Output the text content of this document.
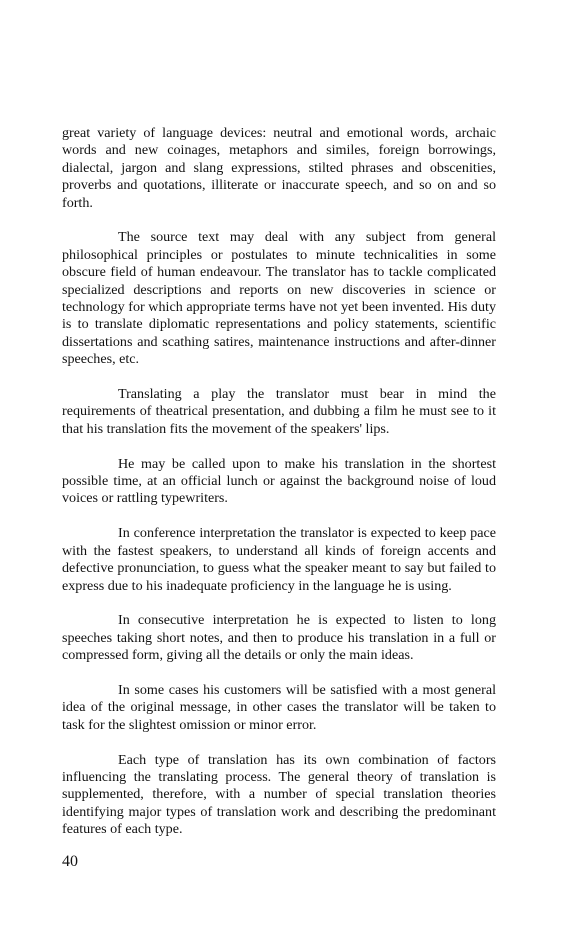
great variety of language devices: neutral and emotional words, archaic words and new coinages, metaphors and similes, foreign borrowings, dialectal, jargon and slang expressions, stilted phrases and obscenities, proverbs and quotations, illiterate or inaccurate speech, and so on and so forth.

The source text may deal with any subject from general philosophical principles or postulates to minute technicalities in some obscure field of human endeavour. The translator has to tackle complicated specialized descriptions and reports on new discoveries in science or technology for which appropriate terms have not yet been invented. His duty is to translate diplomatic representations and policy statements, scientific dissertations and scathing satires, maintenance instructions and after-dinner speeches, etc.

Translating a play the translator must bear in mind the requirements of theatrical presentation, and dubbing a film he must see to it that his translation fits the movement of the speakers' lips.

He may be called upon to make his translation in the shortest possible time, at an official lunch or against the background noise of loud voices or rattling typewriters.

In conference interpretation the translator is expected to keep pace with the fastest speakers, to understand all kinds of foreign accents and defective pronunciation, to guess what the speaker meant to say but failed to express due to his inadequate proficiency in the language he is using.

In consecutive interpretation he is expected to listen to long speeches taking short notes, and then to produce his translation in a full or compressed form, giving all the details or only the main ideas.

In some cases his customers will be satisfied with a most general idea of the original message, in other cases the translator will be taken to task for the slightest omission or minor error.

Each type of translation has its own combination of factors influencing the translating process. The general theory of translation is supplemented, therefore, with a number of special translation theories identifying major types of translation work and describing the predominant features of each type.

40
